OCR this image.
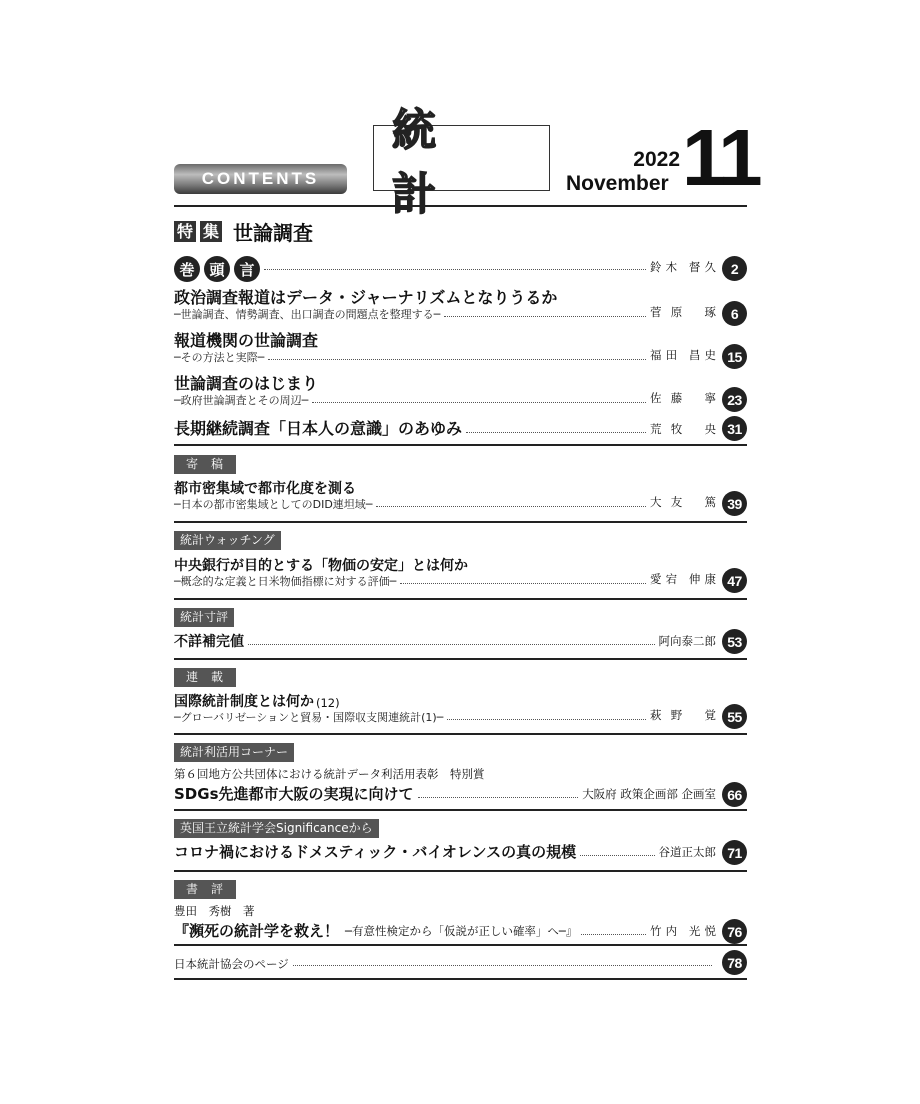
CONTENTS
統 計
2022
November 11
特 集 世論調査
巻 頭 言	鈴木 督久	2
政治調査報道はデータ・ジャーナリズムとなりうるか
─世論調査、情勢調査、出口調査の問題点を整理する─	菅原 琢	6
報道機関の世論調査
─その方法と実際─	福田 昌史 15
世論調査のはじまり
─政府世論調査とその周辺─	佐藤 寧 23
長期継続調査「日本人の意識」のあゆみ	荒牧 央 31
寄稿
都市密集域で都市化度を測る
─日本の都市密集域としてのDID連坦域─	大友 篤 39
統計ウォッチング
中央銀行が目的とする「物価の安定」とは何か
─概念的な定義と日米物価指標に対する評価─	愛宕 伸康 47
統計寸評
不詳補完値	阿向泰二郎 53
連載
国際統計制度とは何か (12)
─グローバリゼーションと貿易・国際収支関連統計(1)─	萩野 覚 55
統計利活用コーナー
第６回地方公共団体における統計データ利活用表彰　特別賞
SDGs先進都市大阪の実現に向けて	大阪府 政策企画部 企画室 66
英国王立統計学会Significanceから
コロナ禍におけるドメスティック・バイオレンスの真の規模	谷道正太郎 71
書評
豊田　秀樹　著
『瀕死の統計学を救え！ ─有意性検定から「仮説が正しい確率」へ─』	竹内 光悦 76
日本統計協会のページ	78
